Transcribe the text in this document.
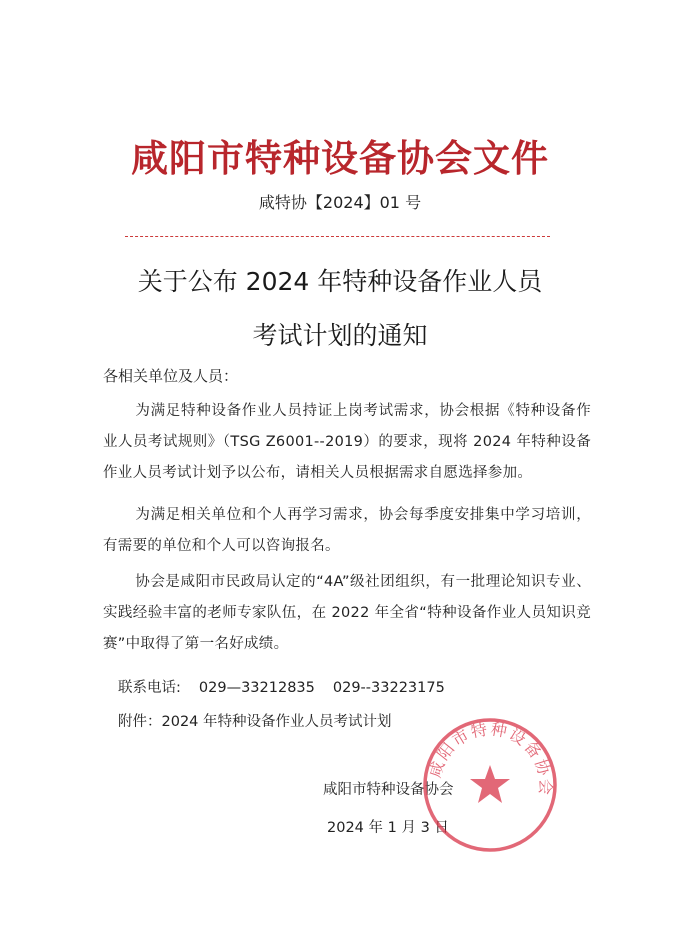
咸阳市特种设备协会文件
咸特协【2024】01 号
关于公布 2024 年特种设备作业人员
考试计划的通知
各相关单位及人员：
为满足特种设备作业人员持证上岗考试需求，协会根据《特种设备作业人员考试规则》（TSG Z6001--2019）的要求，现将 2024 年特种设备作业人员考试计划予以公布，请相关人员根据需求自愿选择参加。
为满足相关单位和个人再学习需求，协会每季度安排集中学习培训，有需要的单位和个人可以咨询报名。
协会是咸阳市民政局认定的“4A”级社团组织，有一批理论知识专业、实践经验丰富的老师专家队伍，在 2022 年全省“特种设备作业人员知识竞赛”中取得了第一名好成绩。
联系电话: 029—33212835 029--33223175
附件：2024 年特种设备作业人员考试计划
咸阳市特种设备协会
2024 年 1 月 3 日
咸阳市特种设备协会
